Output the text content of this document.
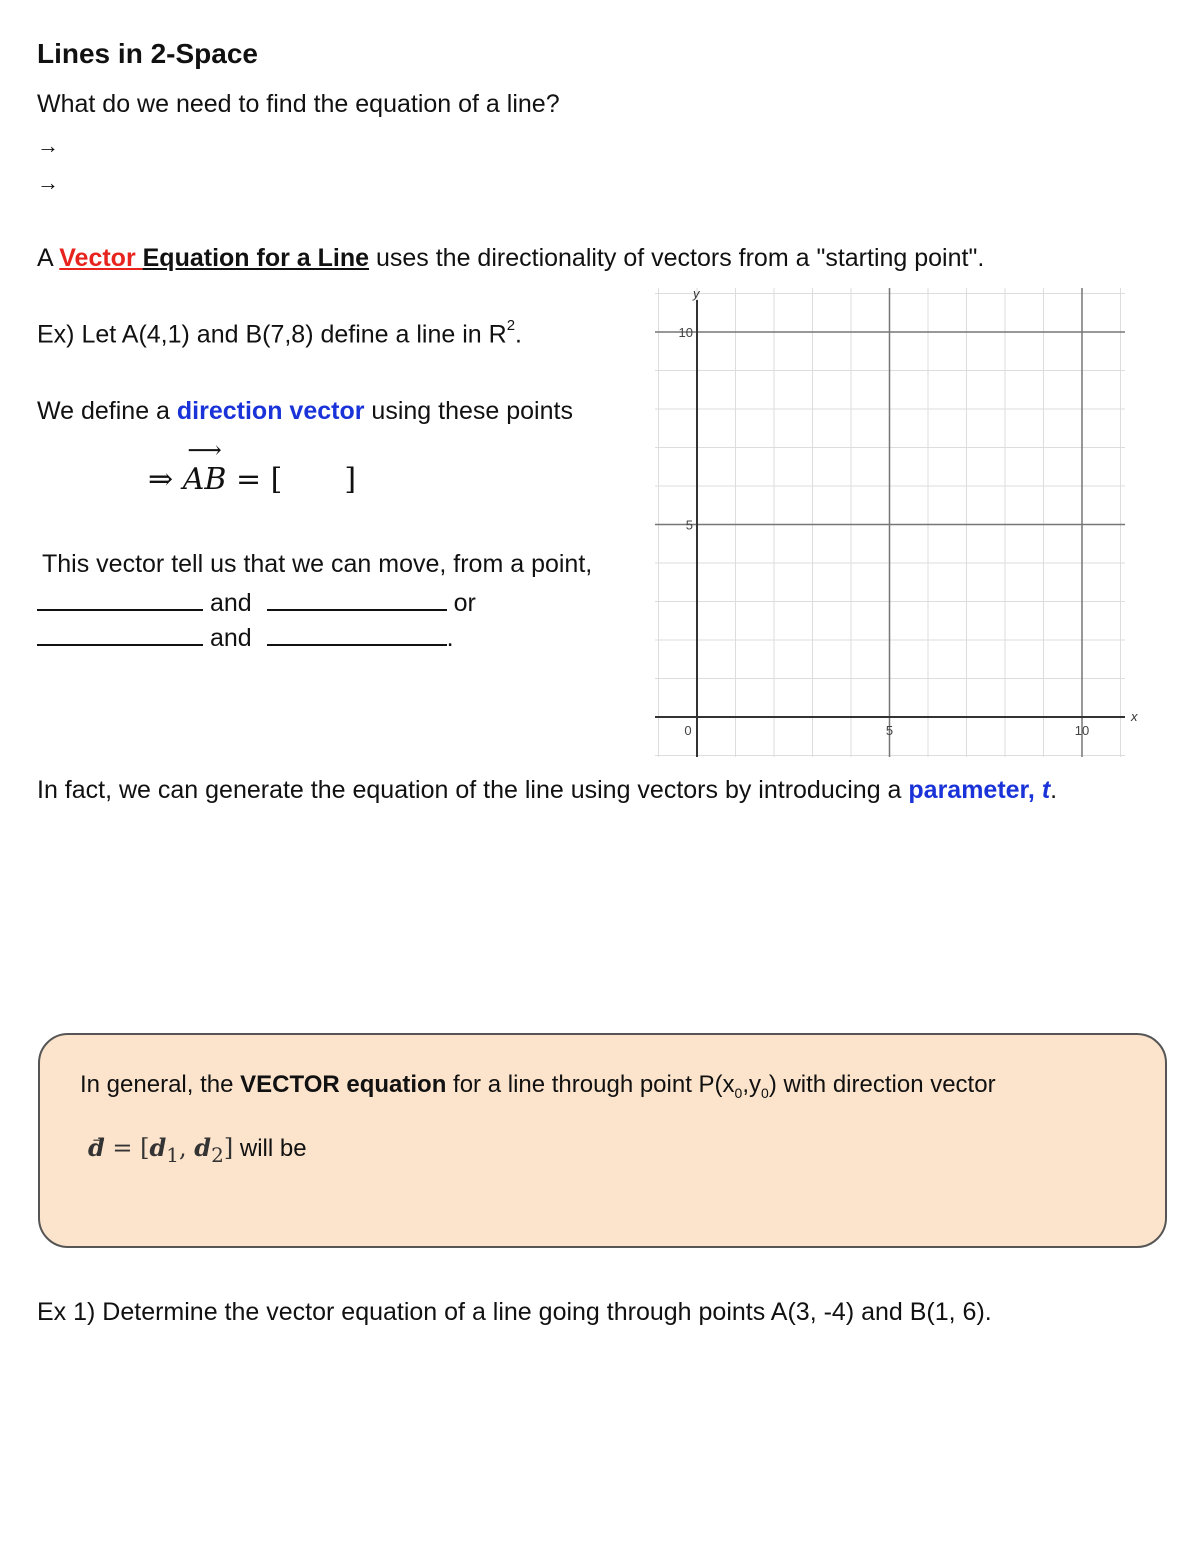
Lines in 2-Space
What do we need to find the equation of a line?
→
→
A Vector Equation for a Line uses the directionality of vectors from a "starting point".
Ex) Let A(4,1) and B(7,8) define a line in $R^2$.
We define a direction vector using these points
⇒
⟶
AB = [ ]
This vector tell us that we can move, from a point,
and	or
and	.
x
y
0	5	10
5
10
In fact, we can generate the equation of the line using vectors by introducing a parameter, t.
In general, the VECTOR equation for a line through point $P(x_0,y_0)$ with direction vector
$d = [d_1$, $d_2$] will be
Ex 1) Determine the vector equation of a line going through points A(3, -4) and B(1, 6).
